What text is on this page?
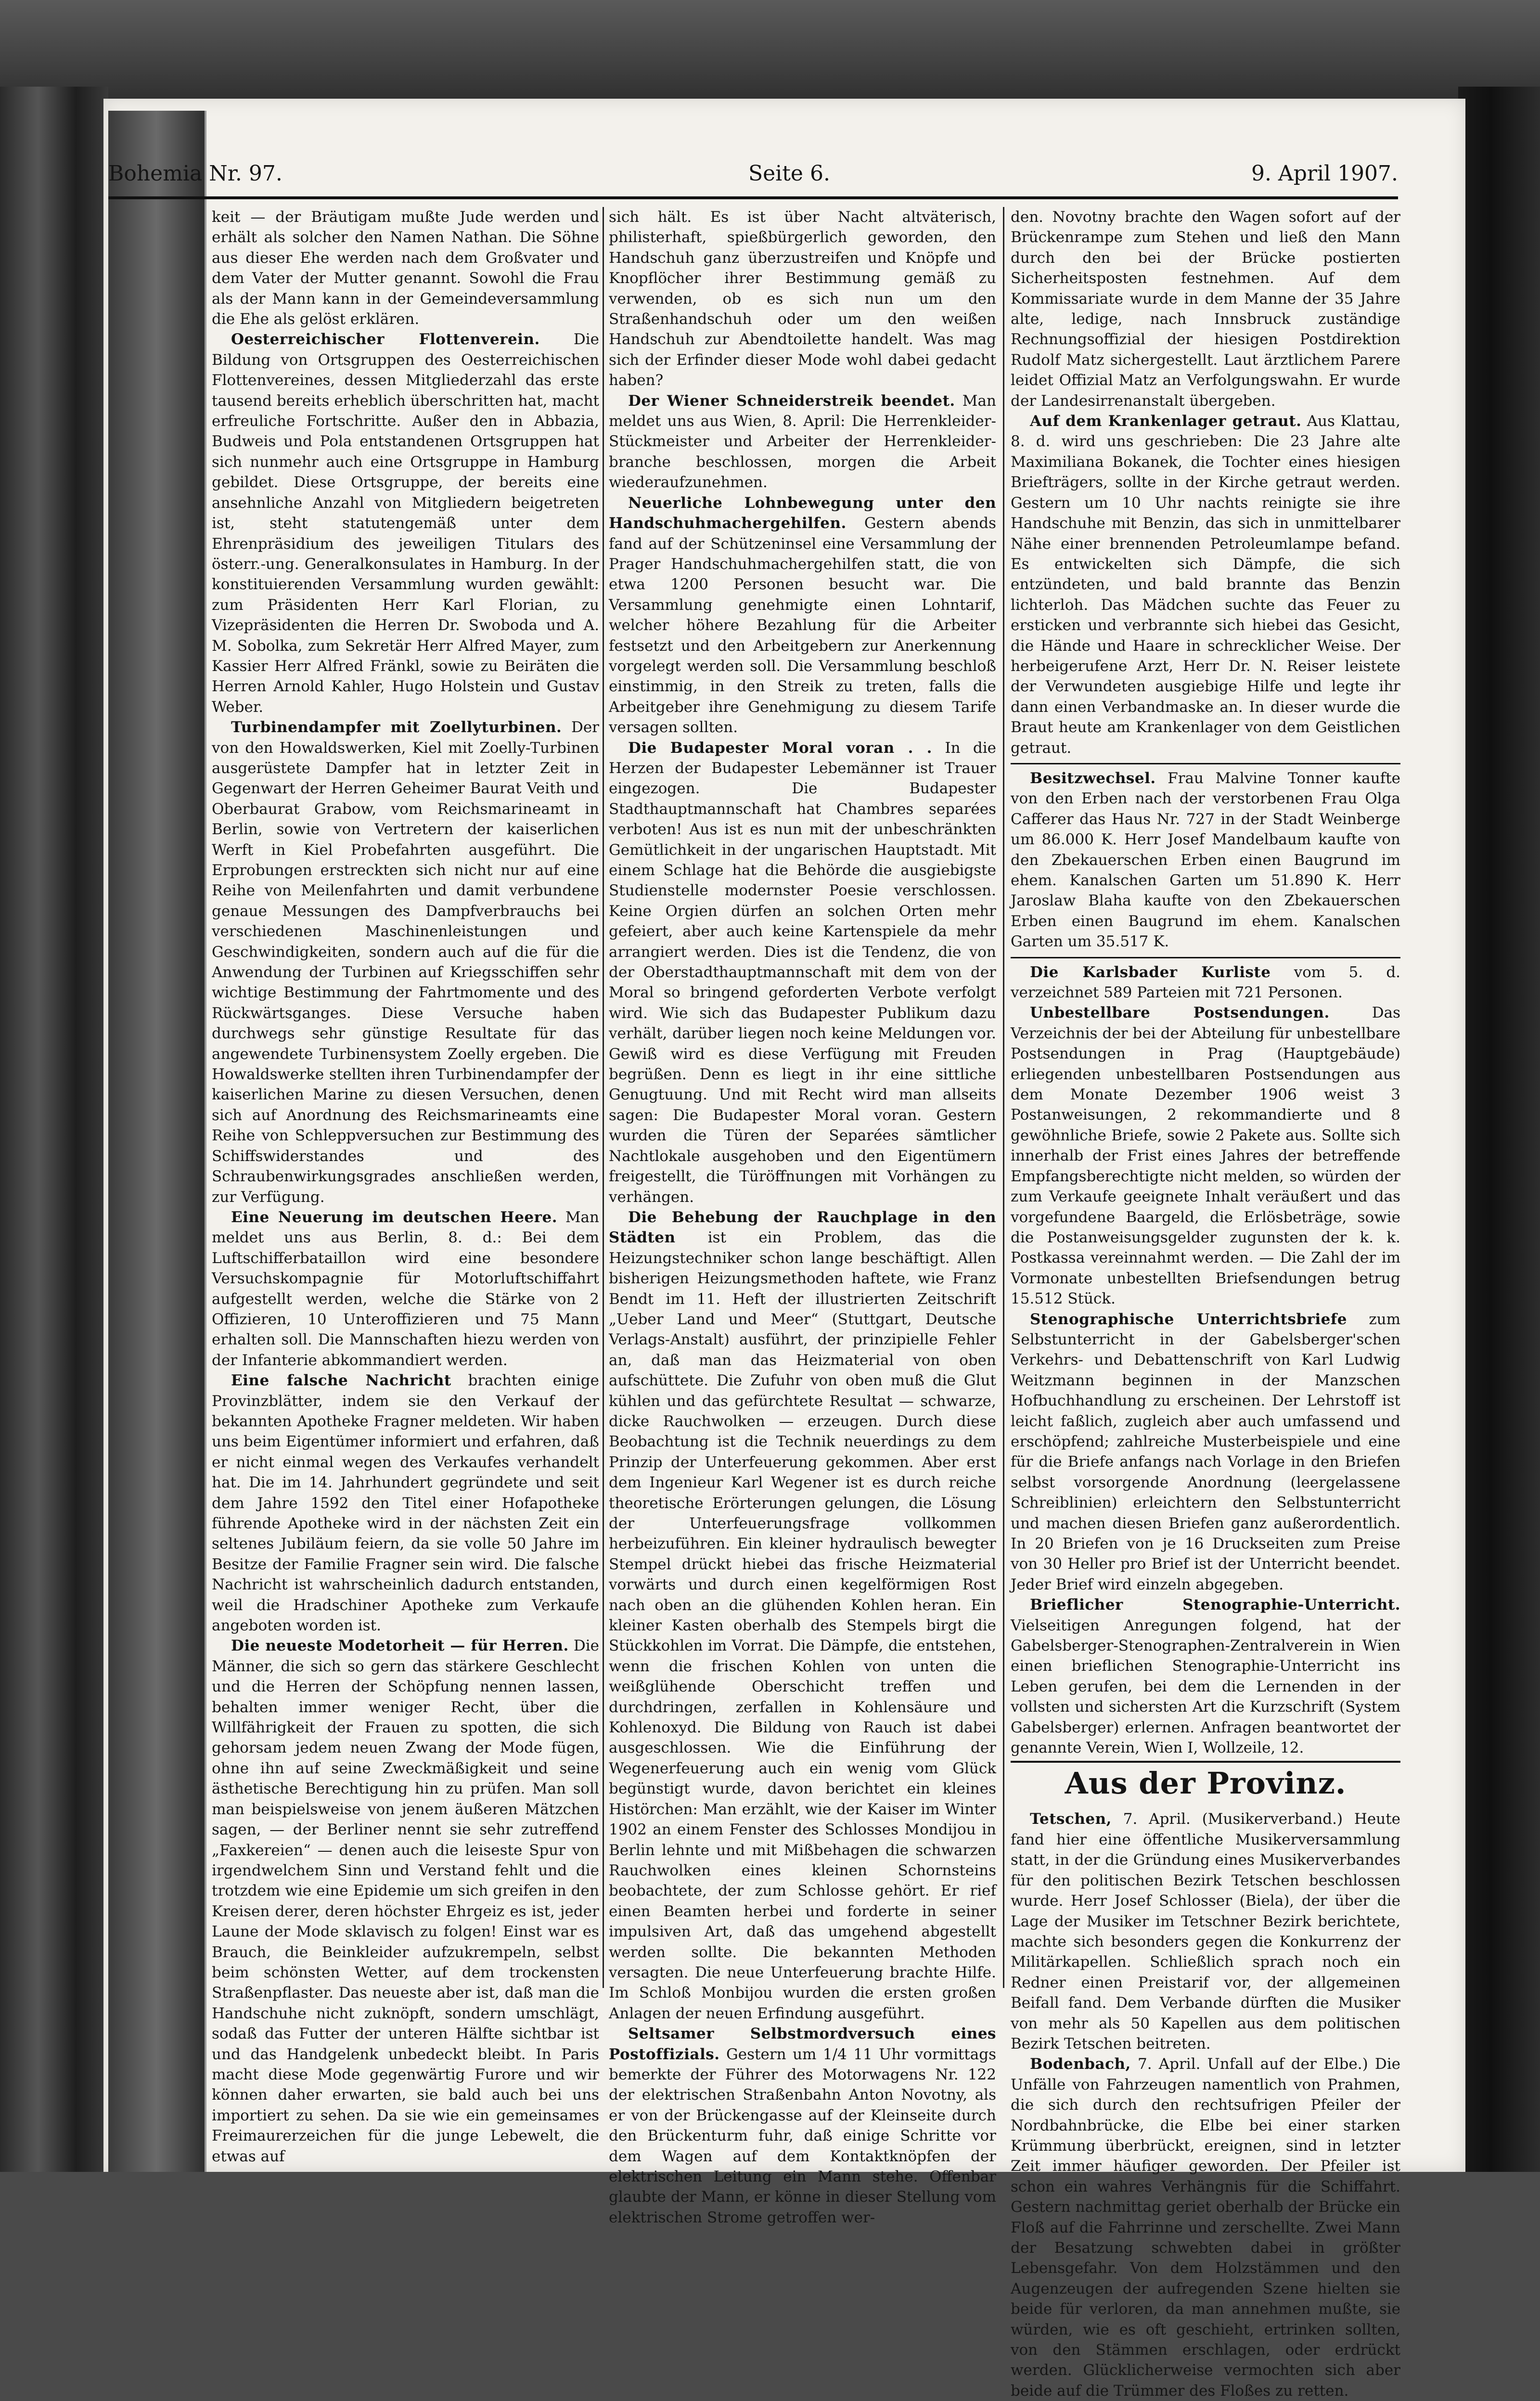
Bohemia Nr. 97.	Seite 6.	9. April 1907.

keit — der Bräutigam mußte Jude werden und erhält als solcher den Namen Nathan. Die Söhne aus dieser Ehe werden nach dem Großvater und dem Vater der Mutter genannt. Sowohl die Frau als der Mann kann in der Gemeindeversammlung die Ehe als gelöst erklären.

Oesterreichischer Flottenverein. Die Bildung von Ortsgruppen des Oesterreichischen Flottenvereines, dessen Mitgliederzahl das erste tausend bereits erheblich überschritten hat, macht erfreuliche Fortschritte. Außer den in Abbazia, Budweis und Pola entstandenen Ortsgruppen hat sich nunmehr auch eine Ortsgruppe in Hamburg gebildet. Diese Ortsgruppe, der bereits eine ansehnliche Anzahl von Mitgliedern beigetreten ist, steht statutengemäß unter dem Ehrenpräsidium des jeweiligen Titulars des österr.-ung. Generalkonsulates in Hamburg. In der konstituierenden Versammlung wurden gewählt: zum Präsidenten Herr Karl Florian, zu Vizepräsidenten die Herren Dr. Swoboda und A. M. Sobolka, zum Sekretär Herr Alfred Mayer, zum Kassier Herr Alfred Fränkl, sowie zu Beiräten die Herren Arnold Kahler, Hugo Holstein und Gustav Weber.

Turbinendampfer mit Zoellyturbinen. Der von den Howaldswerken, Kiel mit Zoelly-Turbinen ausgerüstete Dampfer hat in letzter Zeit in Gegenwart der Herren Geheimer Baurat Veith und Oberbaurat Grabow, vom Reichsmarineamt in Berlin, sowie von Vertretern der kaiserlichen Werft in Kiel Probefahrten ausgeführt. Die Erprobungen erstreckten sich nicht nur auf eine Reihe von Meilenfahrten und damit verbundene genaue Messungen des Dampfverbrauchs bei verschiedenen Maschinenleistungen und Geschwindigkeiten, sondern auch auf die für die Anwendung der Turbinen auf Kriegsschiffen sehr wichtige Bestimmung der Fahrtmomente und des Rückwärtsganges. Diese Versuche haben durchwegs sehr günstige Resultate für das angewendete Turbinensystem Zoelly ergeben. Die Howaldswerke stellten ihren Turbinendampfer der kaiserlichen Marine zu diesen Versuchen, denen sich auf Anordnung des Reichsmarineamts eine Reihe von Schleppversuchen zur Bestimmung des Schiffswiderstandes und des Schraubenwirkungsgrades anschließen werden, zur Verfügung.

Eine Neuerung im deutschen Heere. Man meldet uns aus Berlin, 8. d.: Bei dem Luftschifferbataillon wird eine besondere Versuchskompagnie für Motorluftschiffahrt aufgestellt werden, welche die Stärke von 2 Offizieren, 10 Unteroffizieren und 75 Mann erhalten soll. Die Mannschaften hiezu werden von der Infanterie abkommandiert werden.

Eine falsche Nachricht brachten einige Provinzblätter, indem sie den Verkauf der bekannten Apotheke Fragner meldeten. Wir haben uns beim Eigentümer informiert und erfahren, daß er nicht einmal wegen des Verkaufes verhandelt hat. Die im 14. Jahrhundert gegründete und seit dem Jahre 1592 den Titel einer Hofapotheke führende Apotheke wird in der nächsten Zeit ein seltenes Jubiläum feiern, da sie volle 50 Jahre im Besitze der Familie Fragner sein wird. Die falsche Nachricht ist wahrscheinlich dadurch entstanden, weil die Hradschiner Apotheke zum Verkaufe angeboten worden ist.

Die neueste Modetorheit — für Herren. Die Männer, die sich so gern das stärkere Geschlecht und die Herren der Schöpfung nennen lassen, behalten immer weniger Recht, über die Willfährigkeit der Frauen zu spotten, die sich gehorsam jedem neuen Zwang der Mode fügen, ohne ihn auf seine Zweckmäßigkeit und seine ästhetische Berechtigung hin zu prüfen. Man soll man beispielsweise von jenem äußeren Mätzchen sagen, — der Berliner nennt sie sehr zutreffend „Faxkereien“ — denen auch die leiseste Spur von irgendwelchem Sinn und Verstand fehlt und die trotzdem wie eine Epidemie um sich greifen in den Kreisen derer, deren höchster Ehrgeiz es ist, jeder Laune der Mode sklavisch zu folgen! Einst war es Brauch, die Beinkleider aufzukrempeln, selbst beim schönsten Wetter, auf dem trockensten Straßenpflaster. Das neueste aber ist, daß man die Handschuhe nicht zuknöpft, sondern umschlägt, sodaß das Futter der unteren Hälfte sichtbar ist und das Handgelenk unbedeckt bleibt. In Paris macht diese Mode gegenwärtig Furore und wir können daher erwarten, sie bald auch bei uns importiert zu sehen. Da sie wie ein gemeinsames Freimaurerzeichen für die junge Lebewelt, die etwas auf

sich hält. Es ist über Nacht altväterisch, philisterhaft, spießbürgerlich geworden, den Handschuh ganz überzustreifen und Knöpfe und Knopflöcher ihrer Bestimmung gemäß zu verwenden, ob es sich nun um den Straßenhandschuh oder um den weißen Handschuh zur Abendtoilette handelt. Was mag sich der Erfinder dieser Mode wohl dabei gedacht haben?

Der Wiener Schneiderstreik beendet. Man meldet uns aus Wien, 8. April: Die Herrenkleider-Stückmeister und Arbeiter der Herrenkleider-branche beschlossen, morgen die Arbeit wiederaufzunehmen.

Neuerliche Lohnbewegung unter den Handschuhmachergehilfen. Gestern abends fand auf der Schützeninsel eine Versammlung der Prager Handschuhmachergehilfen statt, die von etwa 1200 Personen besucht war. Die Versammlung genehmigte einen Lohntarif, welcher höhere Bezahlung für die Arbeiter festsetzt und den Arbeitgebern zur Anerkennung vorgelegt werden soll. Die Versammlung beschloß einstimmig, in den Streik zu treten, falls die Arbeitgeber ihre Genehmigung zu diesem Tarife versagen sollten.

Die Budapester Moral voran . . In die Herzen der Budapester Lebemänner ist Trauer eingezogen. Die Budapester Stadthauptmannschaft hat Chambres separées verboten! Aus ist es nun mit der unbeschränkten Gemütlichkeit in der ungarischen Hauptstadt. Mit einem Schlage hat die Behörde die ausgiebigste Studienstelle modernster Poesie verschlossen. Keine Orgien dürfen an solchen Orten mehr gefeiert, aber auch keine Kartenspiele da mehr arrangiert werden. Dies ist die Tendenz, die von der Oberstadthauptmannschaft mit dem von der Moral so bringend geforderten Verbote verfolgt wird. Wie sich das Budapester Publikum dazu verhält, darüber liegen noch keine Meldungen vor. Gewiß wird es diese Verfügung mit Freuden begrüßen. Denn es liegt in ihr eine sittliche Genugtuung. Und mit Recht wird man allseits sagen: Die Budapester Moral voran. Gestern wurden die Türen der Separées sämtlicher Nachtlokale ausgehoben und den Eigentümern freigestellt, die Türöffnungen mit Vorhängen zu verhängen.

Die Behebung der Rauchplage in den Städten ist ein Problem, das die Heizungstechniker schon lange beschäftigt. Allen bisherigen Heizungsmethoden haftete, wie Franz Bendt im 11. Heft der illustrierten Zeitschrift „Ueber Land und Meer“ (Stuttgart, Deutsche Verlags-Anstalt) ausführt, der prinzipielle Fehler an, daß man das Heizmaterial von oben aufschüttete. Die Zufuhr von oben muß die Glut kühlen und das gefürchtete Resultat — schwarze, dicke Rauchwolken — erzeugen. Durch diese Beobachtung ist die Technik neuerdings zu dem Prinzip der Unterfeuerung gekommen. Aber erst dem Ingenieur Karl Wegener ist es durch reiche theoretische Erörterungen gelungen, die Lösung der Unterfeuerungsfrage vollkommen herbeizuführen. Ein kleiner hydraulisch bewegter Stempel drückt hiebei das frische Heizmaterial vorwärts und durch einen kegelförmigen Rost nach oben an die glühenden Kohlen heran. Ein kleiner Kasten oberhalb des Stempels birgt die Stückkohlen im Vorrat. Die Dämpfe, die entstehen, wenn die frischen Kohlen von unten die weißglühende Oberschicht treffen und durchdringen, zerfallen in Kohlensäure und Kohlenoxyd. Die Bildung von Rauch ist dabei ausgeschlossen. Wie die Einführung der Wegenerfeuerung auch ein wenig vom Glück begünstigt wurde, davon berichtet ein kleines Histörchen: Man erzählt, wie der Kaiser im Winter 1902 an einem Fenster des Schlosses Mondijou in Berlin lehnte und mit Mißbehagen die schwarzen Rauchwolken eines kleinen Schornsteins beobachtete, der zum Schlosse gehört. Er rief einen Beamten herbei und forderte in seiner impulsiven Art, daß das umgehend abgestellt werden sollte. Die bekannten Methoden versagten. Die neue Unterfeuerung brachte Hilfe. Im Schloß Monbijou wurden die ersten großen Anlagen der neuen Erfindung ausgeführt.

Seltsamer Selbstmordversuch eines Postoffizials. Gestern um 1/4 11 Uhr vormittags bemerkte der Führer des Motorwagens Nr. 122 der elektrischen Straßenbahn Anton Novotny, als er von der Brückengasse auf der Kleinseite durch den Brückenturm fuhr, daß einige Schritte vor dem Wagen auf dem Kontaktknöpfen der elektrischen Leitung ein Mann stehe. Offenbar glaubte der Mann, er könne in dieser Stellung vom elektrischen Strome getroffen wer-

den. Novotny brachte den Wagen sofort auf der Brückenrampe zum Stehen und ließ den Mann durch den bei der Brücke postierten Sicherheitsposten festnehmen. Auf dem Kommissariate wurde in dem Manne der 35 Jahre alte, ledige, nach Innsbruck zuständige Rechnungsoffizial der hiesigen Postdirektion Rudolf Matz sichergestellt. Laut ärztlichem Parere leidet Offizial Matz an Verfolgungswahn. Er wurde der Landesirrenanstalt übergeben.

Auf dem Krankenlager getraut. Aus Klattau, 8. d. wird uns geschrieben: Die 23 Jahre alte Maximiliana Bokanek, die Tochter eines hiesigen Briefträgers, sollte in der Kirche getraut werden. Gestern um 10 Uhr nachts reinigte sie ihre Handschuhe mit Benzin, das sich in unmittelbarer Nähe einer brennenden Petroleumlampe befand. Es entwickelten sich Dämpfe, die sich entzündeten, und bald brannte das Benzin lichterloh. Das Mädchen suchte das Feuer zu ersticken und verbrannte sich hiebei das Gesicht, die Hände und Haare in schrecklicher Weise. Der herbeigerufene Arzt, Herr Dr. N. Reiser leistete der Verwundeten ausgiebige Hilfe und legte ihr dann einen Verbandmaske an. In dieser wurde die Braut heute am Krankenlager von dem Geistlichen getraut.

Besitzwechsel. Frau Malvine Tonner kaufte von den Erben nach der verstorbenen Frau Olga Cafferer das Haus Nr. 727 in der Stadt Weinberge um 86.000 K. Herr Josef Mandelbaum kaufte von den Zbekauerschen Erben einen Baugrund im ehem. Kanalschen Garten um 51.890 K. Herr Jaroslaw Blaha kaufte von den Zbekauerschen Erben einen Baugrund im ehem. Kanalschen Garten um 35.517 K.

Die Karlsbader Kurliste vom 5. d. verzeichnet 589 Parteien mit 721 Personen.

Unbestellbare Postsendungen.	Das Verzeichnis der bei der Abteilung für unbestellbare Postsendungen in Prag (Hauptgebäude) erliegenden unbestellbaren Postsendungen aus dem Monate Dezember 1906 weist 3 Postanweisungen, 2 rekommandierte und 8 gewöhnliche Briefe, sowie 2 Pakete aus. Sollte sich innerhalb der Frist eines Jahres der betreffende Empfangsberechtigte nicht melden, so würden der zum Verkaufe geeignete Inhalt veräußert und das vorgefundene Baargeld, die Erlösbeträge, sowie die Postanweisungsgelder zugunsten der k. k. Postkassa vereinnahmt werden. — Die Zahl der im Vormonate unbestellten Briefsendungen betrug 15.512 Stück.

Stenographische Unterrichtsbriefe zum Selbstunterricht in der Gabelsberger'schen Verkehrs- und Debattenschrift von Karl Ludwig Weitzmann beginnen in der Manzschen Hofbuchhandlung zu erscheinen. Der Lehrstoff ist leicht faßlich, zugleich aber auch umfassend und erschöpfend; zahlreiche Musterbeispiele und eine für die Briefe anfangs nach Vorlage in den Briefen selbst vorsorgende Anordnung (leergelassene Schreiblinien) erleichtern den Selbstunterricht und machen diesen Briefen ganz außerordentlich. In 20 Briefen von je 16 Druckseiten zum Preise von 30 Heller pro Brief ist der Unterricht beendet. Jeder Brief wird einzeln abgegeben.

Brieflicher Stenographie-Unterricht. Vielseitigen Anregungen folgend, hat der Gabelsberger-Stenographen-Zentralverein in Wien einen brieflichen Stenographie-Unterricht ins Leben gerufen, bei dem die Lernenden in der vollsten und sichersten Art die Kurzschrift (System Gabelsberger) erlernen. Anfragen beantwortet der genannte Verein, Wien I, Wollzeile, 12.

Aus der Provinz.

Tetschen, 7. April. (Musikerverband.) Heute fand hier eine öffentliche Musikerversammlung statt, in der die Gründung eines Musikerverbandes für den politischen Bezirk Tetschen beschlossen wurde. Herr Josef Schlosser (Biela), der über die Lage der Musiker im Tetschner Bezirk berichtete, machte sich besonders gegen die Konkurrenz der Militärkapellen. Schließlich sprach noch ein Redner einen Preistarif vor, der allgemeinen Beifall fand. Dem Verbande dürften die Musiker von mehr als 50 Kapellen aus dem politischen Bezirk Tetschen beitreten.

Bodenbach, 7. April. Unfall auf der Elbe.) Die Unfälle von Fahrzeugen namentlich von Prahmen, die sich durch den rechtsufrigen Pfeiler der Nordbahnbrücke, die Elbe bei einer starken Krümmung überbrückt, ereignen, sind in letzter Zeit immer häufiger geworden. Der Pfeiler ist schon ein wahres Verhängnis für die Schiffahrt. Gestern nachmittag geriet oberhalb der Brücke ein Floß auf die Fahrrinne und zerschellte. Zwei Mann der Besatzung schwebten dabei in größter Lebensgefahr. Von dem Holzstämmen und den Augenzeugen der aufregenden Szene hielten sie beide für verloren, da man annehmen mußte, sie würden, wie es oft geschieht, ertrinken sollten, von den Stämmen erschlagen, oder erdrückt werden. Glücklicherweise vermochten sich aber beide auf die Trümmer des Floßes zu retten.
